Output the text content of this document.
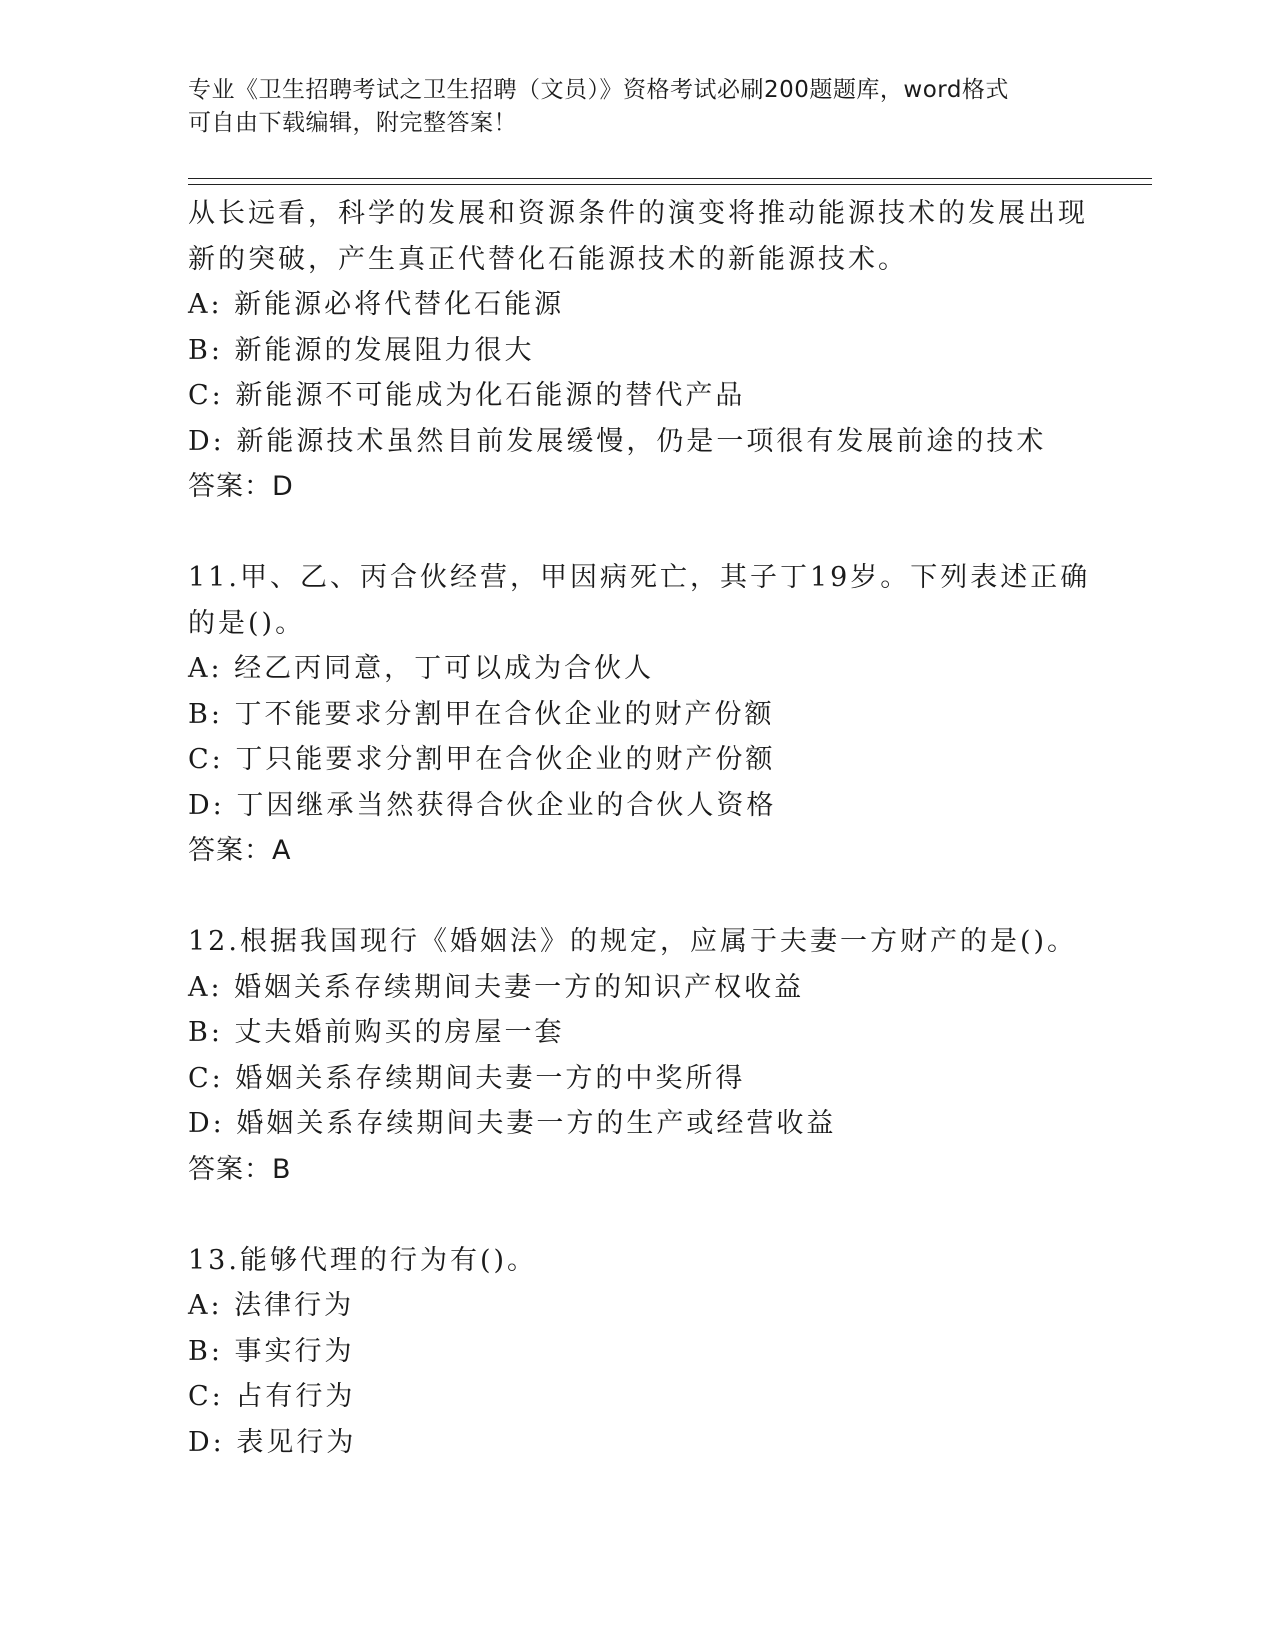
专业《卫生招聘考试之卫生招聘（文员）》资格考试必刷200题题库，word格式
可自由下载编辑，附完整答案！
从长远看，科学的发展和资源条件的演变将推动能源技术的发展出现
新的突破，产生真正代替化石能源技术的新能源技术。
A: 新能源必将代替化石能源
B: 新能源的发展阻力很大
C: 新能源不可能成为化石能源的替代产品
D: 新能源技术虽然目前发展缓慢，仍是一项很有发展前途的技术
答案：D
11.甲、乙、丙合伙经营，甲因病死亡，其子丁19岁。下列表述正确
的是()。
A: 经乙丙同意，丁可以成为合伙人
B: 丁不能要求分割甲在合伙企业的财产份额
C: 丁只能要求分割甲在合伙企业的财产份额
D: 丁因继承当然获得合伙企业的合伙人资格
答案：A
12.根据我国现行《婚姻法》的规定，应属于夫妻一方财产的是()。
A: 婚姻关系存续期间夫妻一方的知识产权收益
B: 丈夫婚前购买的房屋一套
C: 婚姻关系存续期间夫妻一方的中奖所得
D: 婚姻关系存续期间夫妻一方的生产或经营收益
答案：B
13.能够代理的行为有()。
A: 法律行为
B: 事实行为
C: 占有行为
D: 表见行为
